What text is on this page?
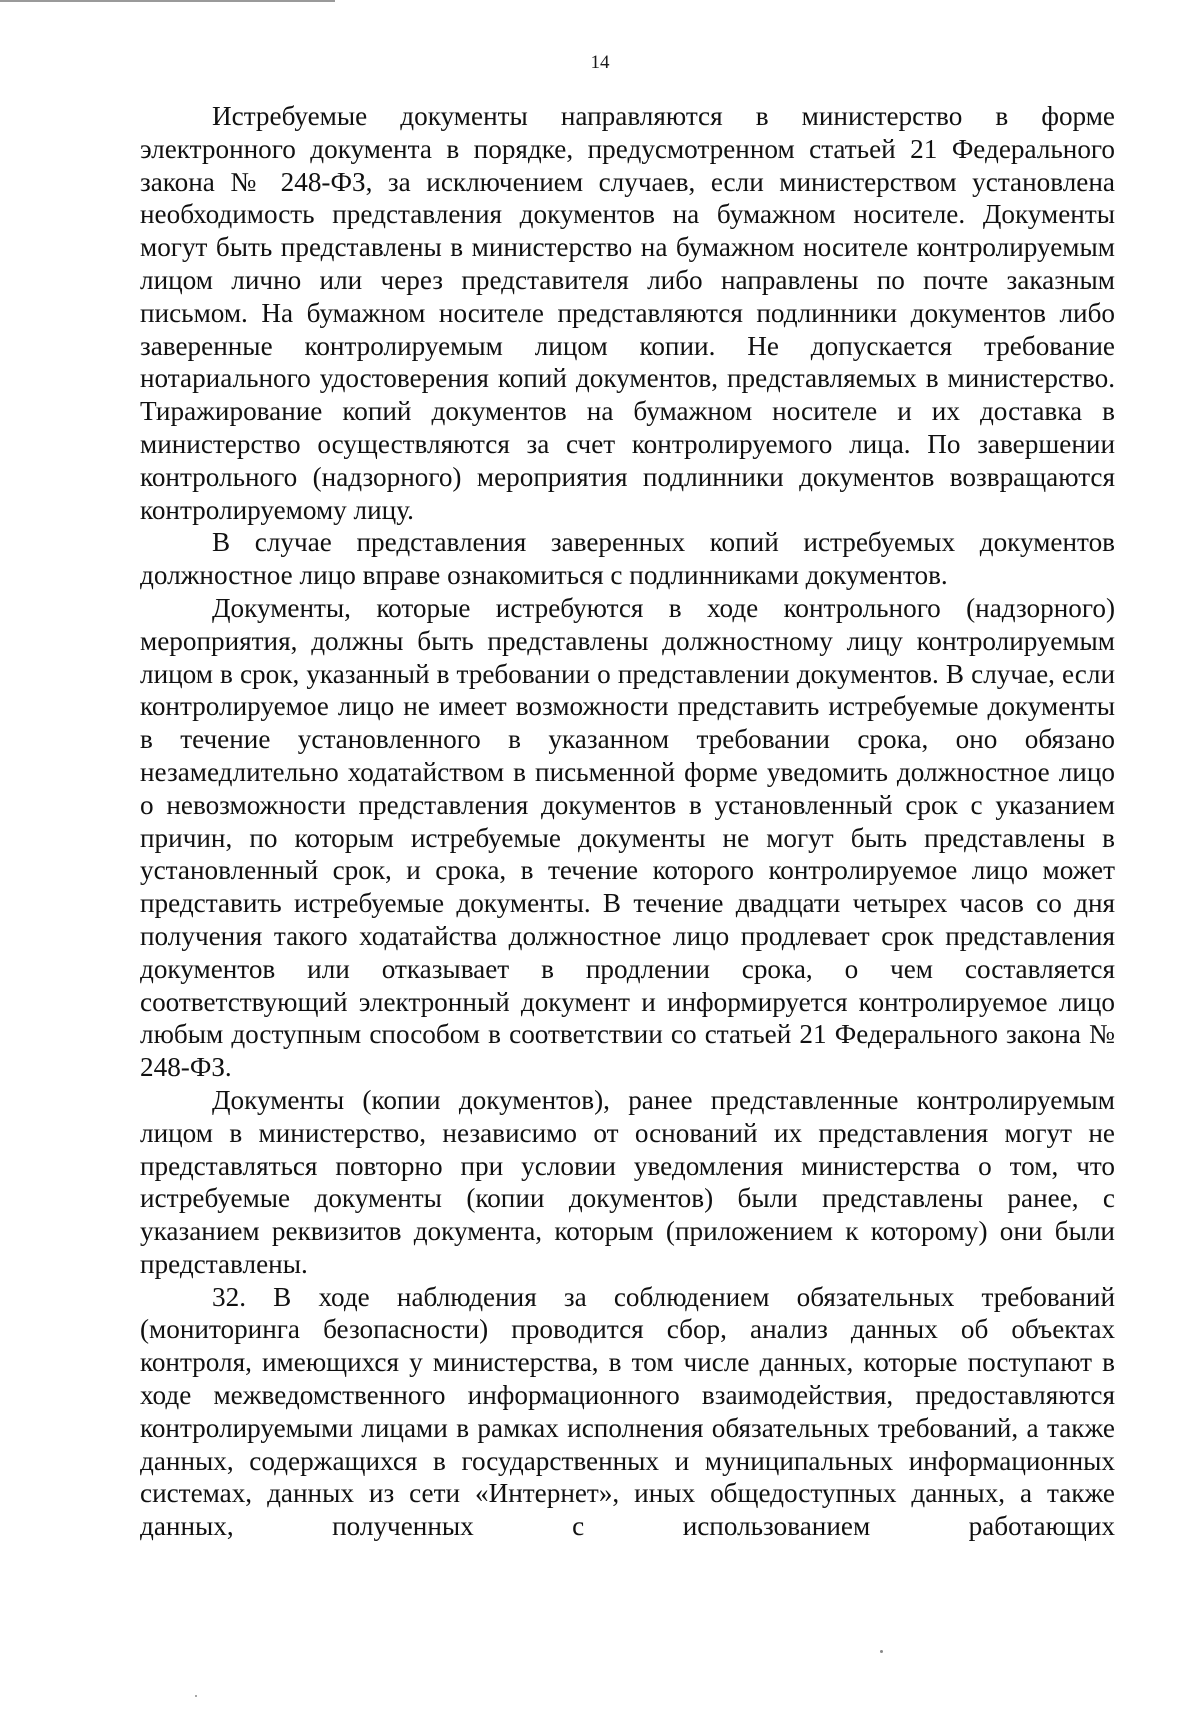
14

Истребуемые документы направляются в министерство в форме электронного документа в порядке, предусмотренном статьей 21 Федерального закона № 248-ФЗ, за исключением случаев, если министерством установлена необходимость представления документов на бумажном носителе. Документы могут быть представлены в министерство на бумажном носителе контролируемым лицом лично или через представителя либо направлены по почте заказным письмом. На бумажном носителе представляются подлинники документов либо заверенные контролируемым лицом копии. Не допускается требование нотариального удостоверения копий документов, представляемых в министерство. Тиражирование копий документов на бумажном носителе и их доставка в министерство осуществляются за счет контролируемого лица. По завершении контрольного (надзорного) мероприятия подлинники документов возвращаются контролируемому лицу.

В случае представления заверенных копий истребуемых документов должностное лицо вправе ознакомиться с подлинниками документов.

Документы, которые истребуются в ходе контрольного (надзорного) мероприятия, должны быть представлены должностному лицу контролируемым лицом в срок, указанный в требовании о представлении документов. В случае, если контролируемое лицо не имеет возможности представить истребуемые документы в течение установленного в указанном требовании срока, оно обязано незамедлительно ходатайством в письменной форме уведомить должностное лицо о невозможности представления документов в установленный срок с указанием причин, по которым истребуемые документы не могут быть представлены в установленный срок, и срока, в течение которого контролируемое лицо может представить истребуемые документы. В течение двадцати четырех часов со дня получения такого ходатайства должностное лицо продлевает срок представления документов или отказывает в продлении срока, о чем составляется соответствующий электронный документ и информируется контролируемое лицо любым доступным способом в соответствии со статьей 21 Федерального закона № 248-ФЗ.

Документы (копии документов), ранее представленные контролируемым лицом в министерство, независимо от оснований их представления могут не представляться повторно при условии уведомления министерства о том, что истребуемые документы (копии документов) были представлены ранее, с указанием реквизитов документа, которым (приложением к которому) они были представлены.

32. В ходе наблюдения за соблюдением обязательных требований (мониторинга безопасности) проводится сбор, анализ данных об объектах контроля, имеющихся у министерства, в том числе данных, которые поступают в ходе межведомственного информационного взаимодействия, предоставляются контролируемыми лицами в рамках исполнения обязательных требований, а также данных, содержащихся в государственных и муниципальных информационных системах, данных из сети «Интернет», иных общедоступных данных, а также данных, полученных с использованием работающих
